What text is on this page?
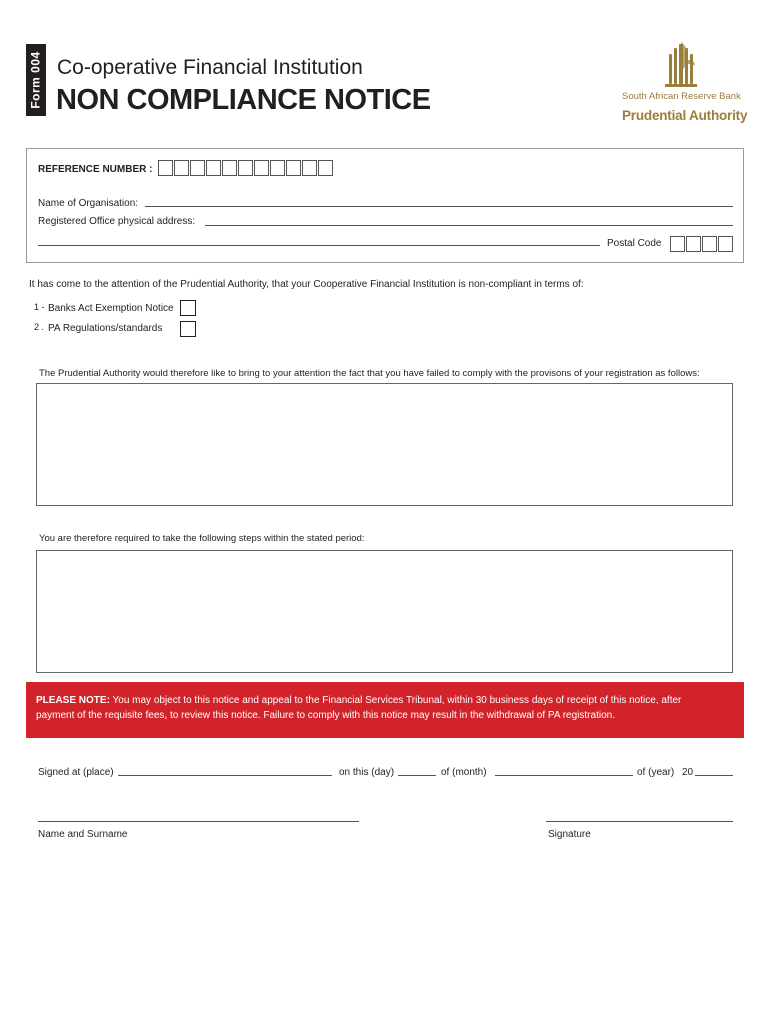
Form 004 Co-operative Financial Institution
NON COMPLIANCE NOTICE	South African Reserve Bank
Prudential Authority
REFERENCE NUMBER :
Name of Organisation:
Registered Office physical address:
Postal Code
It has come to the attention of the Prudential Authority, that your Cooperative Financial Institution is non-compliant in terms of:
1 - Banks Act Exemption Notice
2 . PA Regulations/standards
The Prudential Authority would therefore like to bring to your attention the fact that you have failed to comply with the provisons of your registration as follows:
You are therefore required to take the following steps within the stated period:
PLEASE NOTE: You may object to this notice and appeal to the Financial Services Tribunal, within 30 business days of receipt of this notice, after
payment of the requisite fees, to review this notice. Failure to comply with this notice may result in the withdrawal of PA registration.
Signed at (place)	on this (day)	of (month)	of (year) 20
Name and Surname	Signature
